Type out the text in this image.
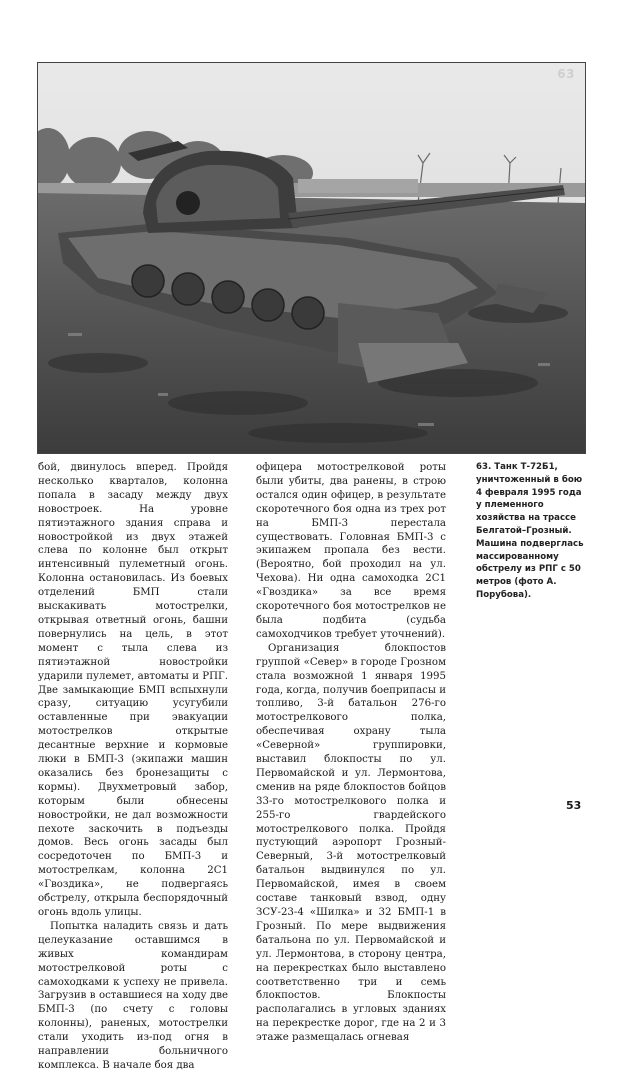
63

бой, двинулось вперед. Пройдя несколько кварталов, колонна попала в засаду между двух новостроек. На уровне пятиэтажного здания справа и новостройкой из двух этажей слева по колонне был открыт интенсивный пулеметный огонь. Колонна остановилась. Из боевых отделений БМП стали выскакивать мотострелки, открывая ответный огонь, башни повернулись на цель, в этот момент с тыла слева из пятиэтажной новостройки ударили пулемет, автоматы и РПГ. Две замыкающие БМП вспыхнули сразу, ситуацию усугубили оставленные при эвакуации мотострелков открытые десантные верхние и кормовые люки в БМП-3 (экипажи машин оказались без бронезащиты с кормы). Двухметровый забор, которым были обнесены новостройки, не дал возможности пехоте заскочить в подъезды домов. Весь огонь засады был сосредоточен по БМП-3 и мотострелкам, колонна 2С1 «Гвоздика», не подвергаясь обстрелу, открыла беспорядочный огонь вдоль улицы.

Попытка наладить связь и дать целеуказание оставшимся в живых командирам мотострелковой роты с самоходками к успеху не привела. Загрузив в оставшиеся на ходу две БМП-3 (по счету с головы колонны), раненых, мотострелки стали уходить из-под огня в направлении больничного комплекса. В начале боя два

офицера мотострелковой роты были убиты, два ранены, в строю остался один офицер, в результате скоротечного боя одна из трех рот на БМП-3 перестала существовать. Головная БМП-3 с экипажем пропала без вести. (Вероятно, бой проходил на ул. Чехова). Ни одна самоходка 2С1 «Гвоздика» за все время скоротечного боя мотострелков не была подбита (судьба самоходчиков требует уточнений).

Организация блокпостов группой «Север» в городе Грозном стала возможной 1 января 1995 года, когда, получив боеприпасы и топливо, 3-й батальон 276-го мотострелкового полка, обеспечивая охрану тыла «Северной» группировки, выставил блокпосты по ул. Первомайской и ул. Лермонтова, сменив на ряде блокпостов бойцов 33-го мотострелкового полка и 255-го гвардейского мотострелкового полка. Пройдя пустующий аэропорт Грозный-Северный, 3-й мотострелковый батальон выдвинулся по ул. Первомайской, имея в своем составе танковый взвод, одну ЗСУ-23-4 «Шилка» и 32 БМП-1 в Грозный. По мере выдвижения батальона по ул. Первомайской и ул. Лермонтова, в сторону центра, на перекрестках было выставлено соответственно три и семь блокпостов. Блокпосты располагались в угловых зданиях на перекрестке дорог, где на 2 и 3 этаже размещалась огневая

63. Танк Т-72Б1, уничтоженный в бою 4 февраля 1995 года у племенного хозяйства на трассе Белгатой–Грозный. Машина подверглась массированному обстрелу из РПГ с 50 метров (фото А. Порубова).
53
